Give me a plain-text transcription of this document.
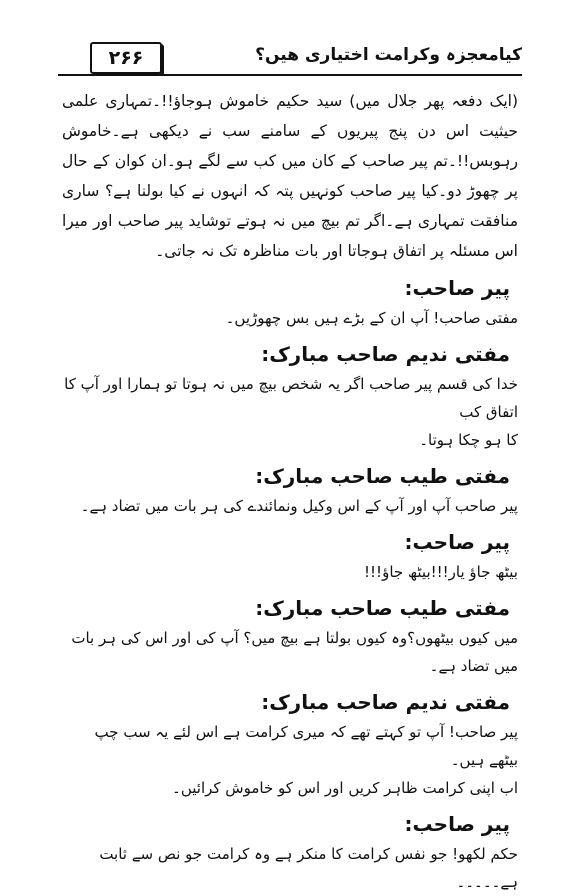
۲۶۶	کیامعجزہ وکرامت اختیاری ھیں؟

(ایک دفعہ پھر جلال میں) سید حکیم خاموش ہوجاؤ!!۔تمہاری علمی حیثیت اس دن پنج پیریوں کے سامنے سب نے دیکھی ہے۔خاموش رہوبس!!۔تم پیر صاحب کے کان میں کب سے لگے ہو۔ان کوان کے حال پر چھوڑ دو۔کیا پیر صاحب کونہیں پتہ کہ انہوں نے کیا بولنا ہے؟ ساری منافقت تمہاری ہے۔اگر تم بیچ میں نہ ہوتے توشاید پیر صاحب اور میرا اس مسئلہ پر اتفاق ہوجاتا اور بات مناظرہ تک نہ جاتی۔

پیر صاحب:

مفتی صاحب! آپ ان کے بڑے ہیں بس چھوڑیں۔

مفتی ندیم صاحب مبارک:

خدا کی قسم پیر صاحب اگر یہ شخص بیچ میں نہ ہوتا تو ہمارا اور آپ کا اتفاق کب

کا ہو چکا ہوتا۔

مفتی طیب صاحب مبارک:

پیر صاحب آپ اور آپ کے اس وکیل ونمائندے کی ہر بات میں تضاد ہے۔

پیر صاحب:

بیٹھ جاؤ یار!!!بیٹھ جاؤ!!!

مفتی طیب صاحب مبارک:

میں کیوں بیٹھوں؟وہ کیوں بولتا ہے بیچ میں؟ آپ کی اور اس کی ہر بات میں تضاد ہے۔

مفتی ندیم صاحب مبارک:

پیر صاحب! آپ تو کہتے تھے کہ میری کرامت ہے اس لئے یہ سب چپ بیٹھے ہیں۔

اب اپنی کرامت ظاہر کریں اور اس کو خاموش کرائیں۔

پیر صاحب:

حکم لکھو! جو نفس کرامت کا منکر ہے وہ کرامت جو نص سے ثابت ہے۔۔۔۔۔
